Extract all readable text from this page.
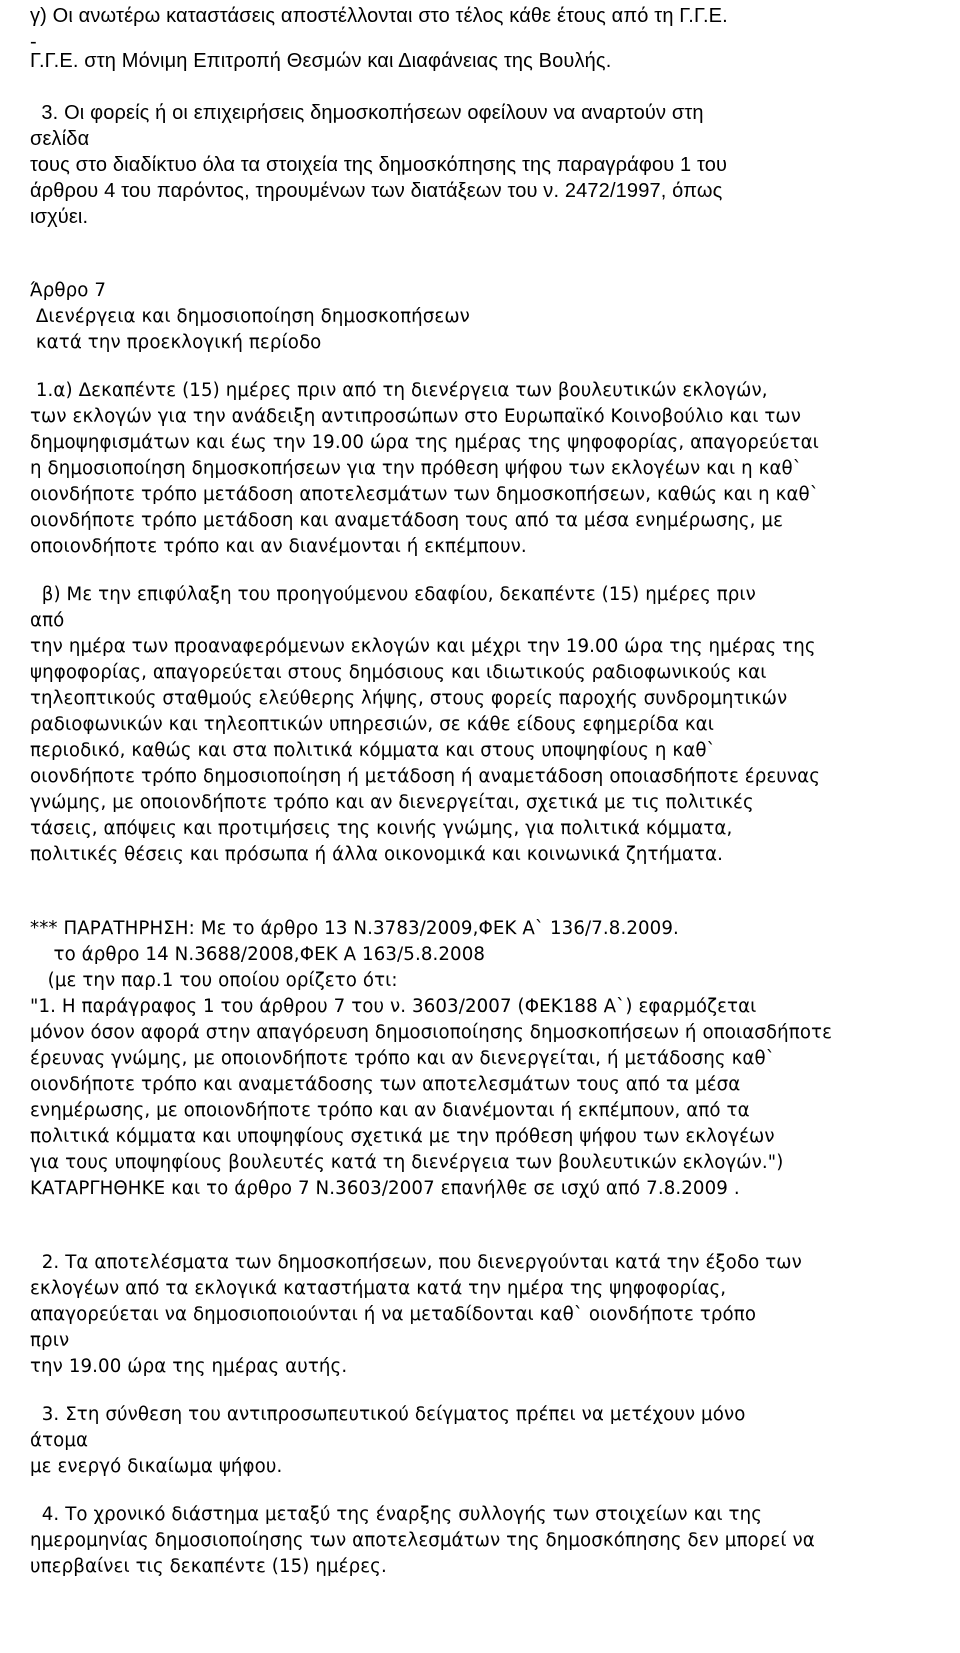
γ) Οι ανωτέρω καταστάσεις αποστέλλονται στο τέλος κάθε έτους από τη Γ.Γ.Ε.
-
Γ.Γ.Ε. στη Μόνιμη Επιτροπή Θεσμών και Διαφάνειας της Βουλής.
3. Οι φορείς ή οι επιχειρήσεις δημοσκοπήσεων οφείλουν να αναρτούν στη
σελίδα
τους στο διαδίκτυο όλα τα στοιχεία της δημοσκόπησης της παραγράφου 1 του
άρθρου 4 του παρόντος, τηρουμένων των διατάξεων του ν. 2472/1997, όπως
ισχύει.
Άρθρο 7
Διενέργεια και δημοσιοποίηση δημοσκοπήσεων
κατά την προεκλογική περίοδο
1.α) Δεκαπέντε (15) ημέρες πριν από τη διενέργεια των βουλευτικών εκλογών,
των εκλογών για την ανάδειξη αντιπροσώπων στο Ευρωπαϊκό Κοινοβούλιο και των
δημοψηφισμάτων και έως την 19.00 ώρα της ημέρας της ψηφοφορίας, απαγορεύεται
η δημοσιοποίηση δημοσκοπήσεων για την πρόθεση ψήφου των εκλογέων και η καθ`
οιονδήποτε τρόπο μετάδοση αποτελεσμάτων των δημοσκοπήσεων, καθώς και η καθ`
οιονδήποτε τρόπο μετάδοση και αναμετάδοση τους από τα μέσα ενημέρωσης, με
οποιονδήποτε τρόπο και αν διανέμονται ή εκπέμπουν.
β) Με την επιφύλαξη του προηγούμενου εδαφίου, δεκαπέντε (15) ημέρες πριν
από
την ημέρα των προαναφερόμενων εκλογών και μέχρι την 19.00 ώρα της ημέρας της
ψηφοφορίας, απαγορεύεται στους δημόσιους και ιδιωτικούς ραδιοφωνικούς και
τηλεοπτικούς σταθμούς ελεύθερης λήψης, στους φορείς παροχής συνδρομητικών
ραδιοφωνικών και τηλεοπτικών υπηρεσιών, σε κάθε είδους εφημερίδα και
περιοδικό, καθώς και στα πολιτικά κόμματα και στους υποψηφίους η καθ`
οιονδήποτε τρόπο δημοσιοποίηση ή μετάδοση ή αναμετάδοση οποιασδήποτε έρευνας
γνώμης, με οποιονδήποτε τρόπο και αν διενεργείται, σχετικά με τις πολιτικές
τάσεις, απόψεις και προτιμήσεις της κοινής γνώμης, για πολιτικά κόμματα,
πολιτικές θέσεις και πρόσωπα ή άλλα οικονομικά και κοινωνικά ζητήματα.
*** ΠΑΡΑΤΗΡΗΣΗ: Με το άρθρο 13 Ν.3783/2009,ΦΕΚ Α` 136/7.8.2009.
το άρθρο 14 Ν.3688/2008,ΦΕΚ Α 163/5.8.2008
(με την παρ.1 του οποίου ορίζετο ότι:
"1. Η παράγραφος 1 του άρθρου 7 του ν. 3603/2007 (ΦΕΚ188 Α`) εφαρμόζεται
μόνον όσον αφορά στην απαγόρευση δημοσιοποίησης δημοσκοπήσεων ή οποιασδήποτε
έρευνας γνώμης, με οποιονδήποτε τρόπο και αν διενεργείται, ή μετάδοσης καθ`
οιονδήποτε τρόπο και αναμετάδοσης των αποτελεσμάτων τους από τα μέσα
ενημέρωσης, με οποιονδήποτε τρόπο και αν διανέμονται ή εκπέμπουν, από τα
πολιτικά κόμματα και υποψηφίους σχετικά με την πρόθεση ψήφου των εκλογέων
για τους υποψηφίους βουλευτές κατά τη διενέργεια των βουλευτικών εκλογών.")
ΚΑΤΑΡΓΗΘΗΚΕ και το άρθρο 7 Ν.3603/2007 επανήλθε σε ισχύ από 7.8.2009 .
2. Τα αποτελέσματα των δημοσκοπήσεων, που διενεργούνται κατά την έξοδο των
εκλογέων από τα εκλογικά καταστήματα κατά την ημέρα της ψηφοφορίας,
απαγορεύεται να δημοσιοποιούνται ή να μεταδίδονται καθ` οιονδήποτε τρόπο
πριν
την 19.00 ώρα της ημέρας αυτής.
3. Στη σύνθεση του αντιπροσωπευτικού δείγματος πρέπει να μετέχουν μόνο
άτομα
με ενεργό δικαίωμα ψήφου.
4. Το χρονικό διάστημα μεταξύ της έναρξης συλλογής των στοιχείων και της
ημερομηνίας δημοσιοποίησης των αποτελεσμάτων της δημοσκόπησης δεν μπορεί να
υπερβαίνει τις δεκαπέντε (15) ημέρες.
